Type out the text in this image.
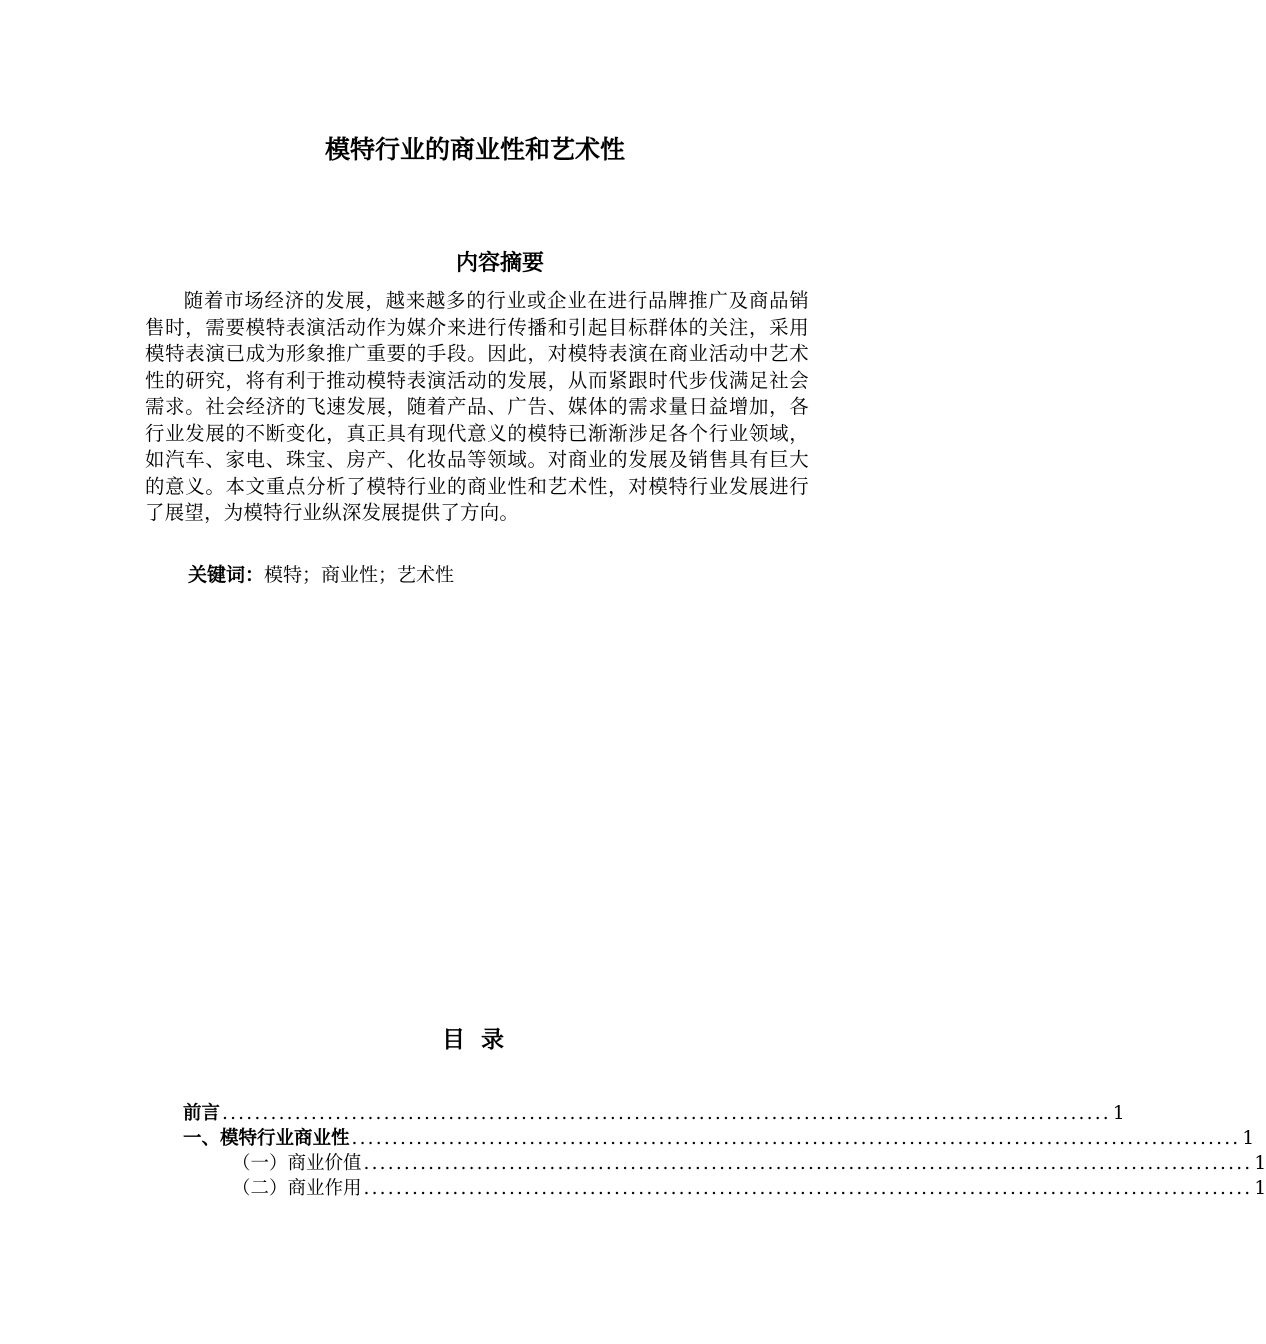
模特行业的商业性和艺术性
内容摘要
随着市场经济的发展，越来越多的行业或企业在进行品牌推广及商品销售时，需要模特表演活动作为媒介来进行传播和引起目标群体的关注，采用模特表演已成为形象推广重要的手段。因此，对模特表演在商业活动中艺术性的研究，将有利于推动模特表演活动的发展，从而紧跟时代步伐满足社会需求。社会经济的飞速发展，随着产品、广告、媒体的需求量日益增加，各行业发展的不断变化，真正具有现代意义的模特已渐渐涉足各个行业领域，如汽车、家电、珠宝、房产、化妆品等领域。对商业的发展及销售具有巨大的意义。本文重点分析了模特行业的商业性和艺术性，对模特行业发展进行了展望，为模特行业纵深发展提供了方向。
关键词：模特；商业性；艺术性
目 录
前言 .............................................................................................................. 1
一、模特行业商业性 .............................................................................................................. 1
（一）商业价值 .............................................................................................................. 1
（二）商业作用 .............................................................................................................. 1
